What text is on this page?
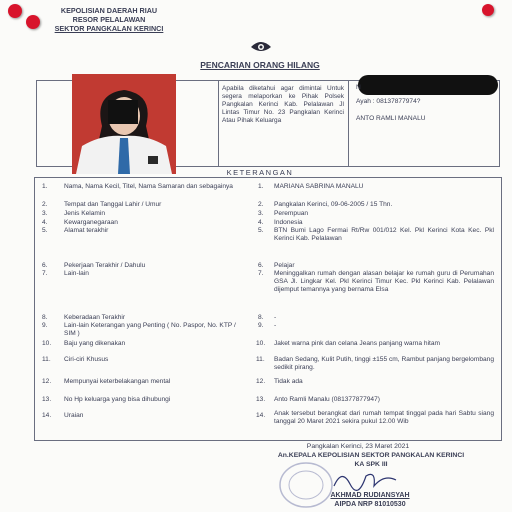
KEPOLISIAN DAERAH RIAU
RESOR PELALAWAN
SEKTOR PANGKALAN KERINCI
PENCARIAN ORANG HILANG
Apabila diketahui agar dimintai Untuk segera melaporkan ke Pihak Polsek Pangkalan Kerinci Kab. Pelalawan Jl Lintas Timur No. 23 Pangkalan Kerinci Atau Pihak Keluarga
N
Ayah : 08137877974?
ANTO RAMLI MANALU
KETERANGAN
1.	Nama, Nama Kecil, Titel, Nama Samaran dan sebagainya	1. MARIANA SABRINA MANALU
2.	Tempat dan Tanggal Lahir / Umur	2. Pangkalan Kerinci, 09-06-2005 / 15 Thn.
3.	Jenis Kelamin	3. Perempuan
4.	Kewarganegaraan	4. Indonesia
5.	Alamat terakhir	5. BTN Bumi Lago Fermai Rt/Rw 001/012 Kel. Pkl Kerinci Kota Kec. Pkl Kerinci Kab. Pelalawan
6.	Pekerjaan Terakhir / Dahulu	6. Pelajar
7.	Lain-lain	7. Meninggalkan rumah dengan alasan belajar ke rumah guru di Perumahan GSA Jl. Lingkar Kel. Pkl Kerinci Timur Kec. Pkl Kerinci Kab. Pelalawan dijemput temannya yang bernama Elsa
8.	Keberadaan Terakhir	8. -
9.	Lain-lain Keterangan yang Penting ( No. Paspor, No. KTP / SIM )
9. -
10. Baju yang dikenakan	10. Jaket warna pink dan celana Jeans panjang warna hitam
11. Ciri-ciri Khusus	11. Badan Sedang, Kulit Putih, tinggi ±155 cm, Rambut panjang bergelombang sedikit pirang.
12. Mempunyai keterbelakangan mental	12. Tidak ada
13. No Hp keluarga yang bisa dihubungi	13. Anto Ramli Manalu (081377877947)
14. Uraian	14. Anak tersebut berangkat dari rumah tempat tinggal pada hari Sabtu siang tanggal 20 Maret 2021 sekira pukul 12.00 Wib
Pangkalan Kerinci, 23 Maret 2021
An.KEPALA KEPOLISIAN SEKTOR PANGKALAN KERINCI
KA SPK III
AKHMAD RUDIANSYAH
AIPDA NRP 81010530
